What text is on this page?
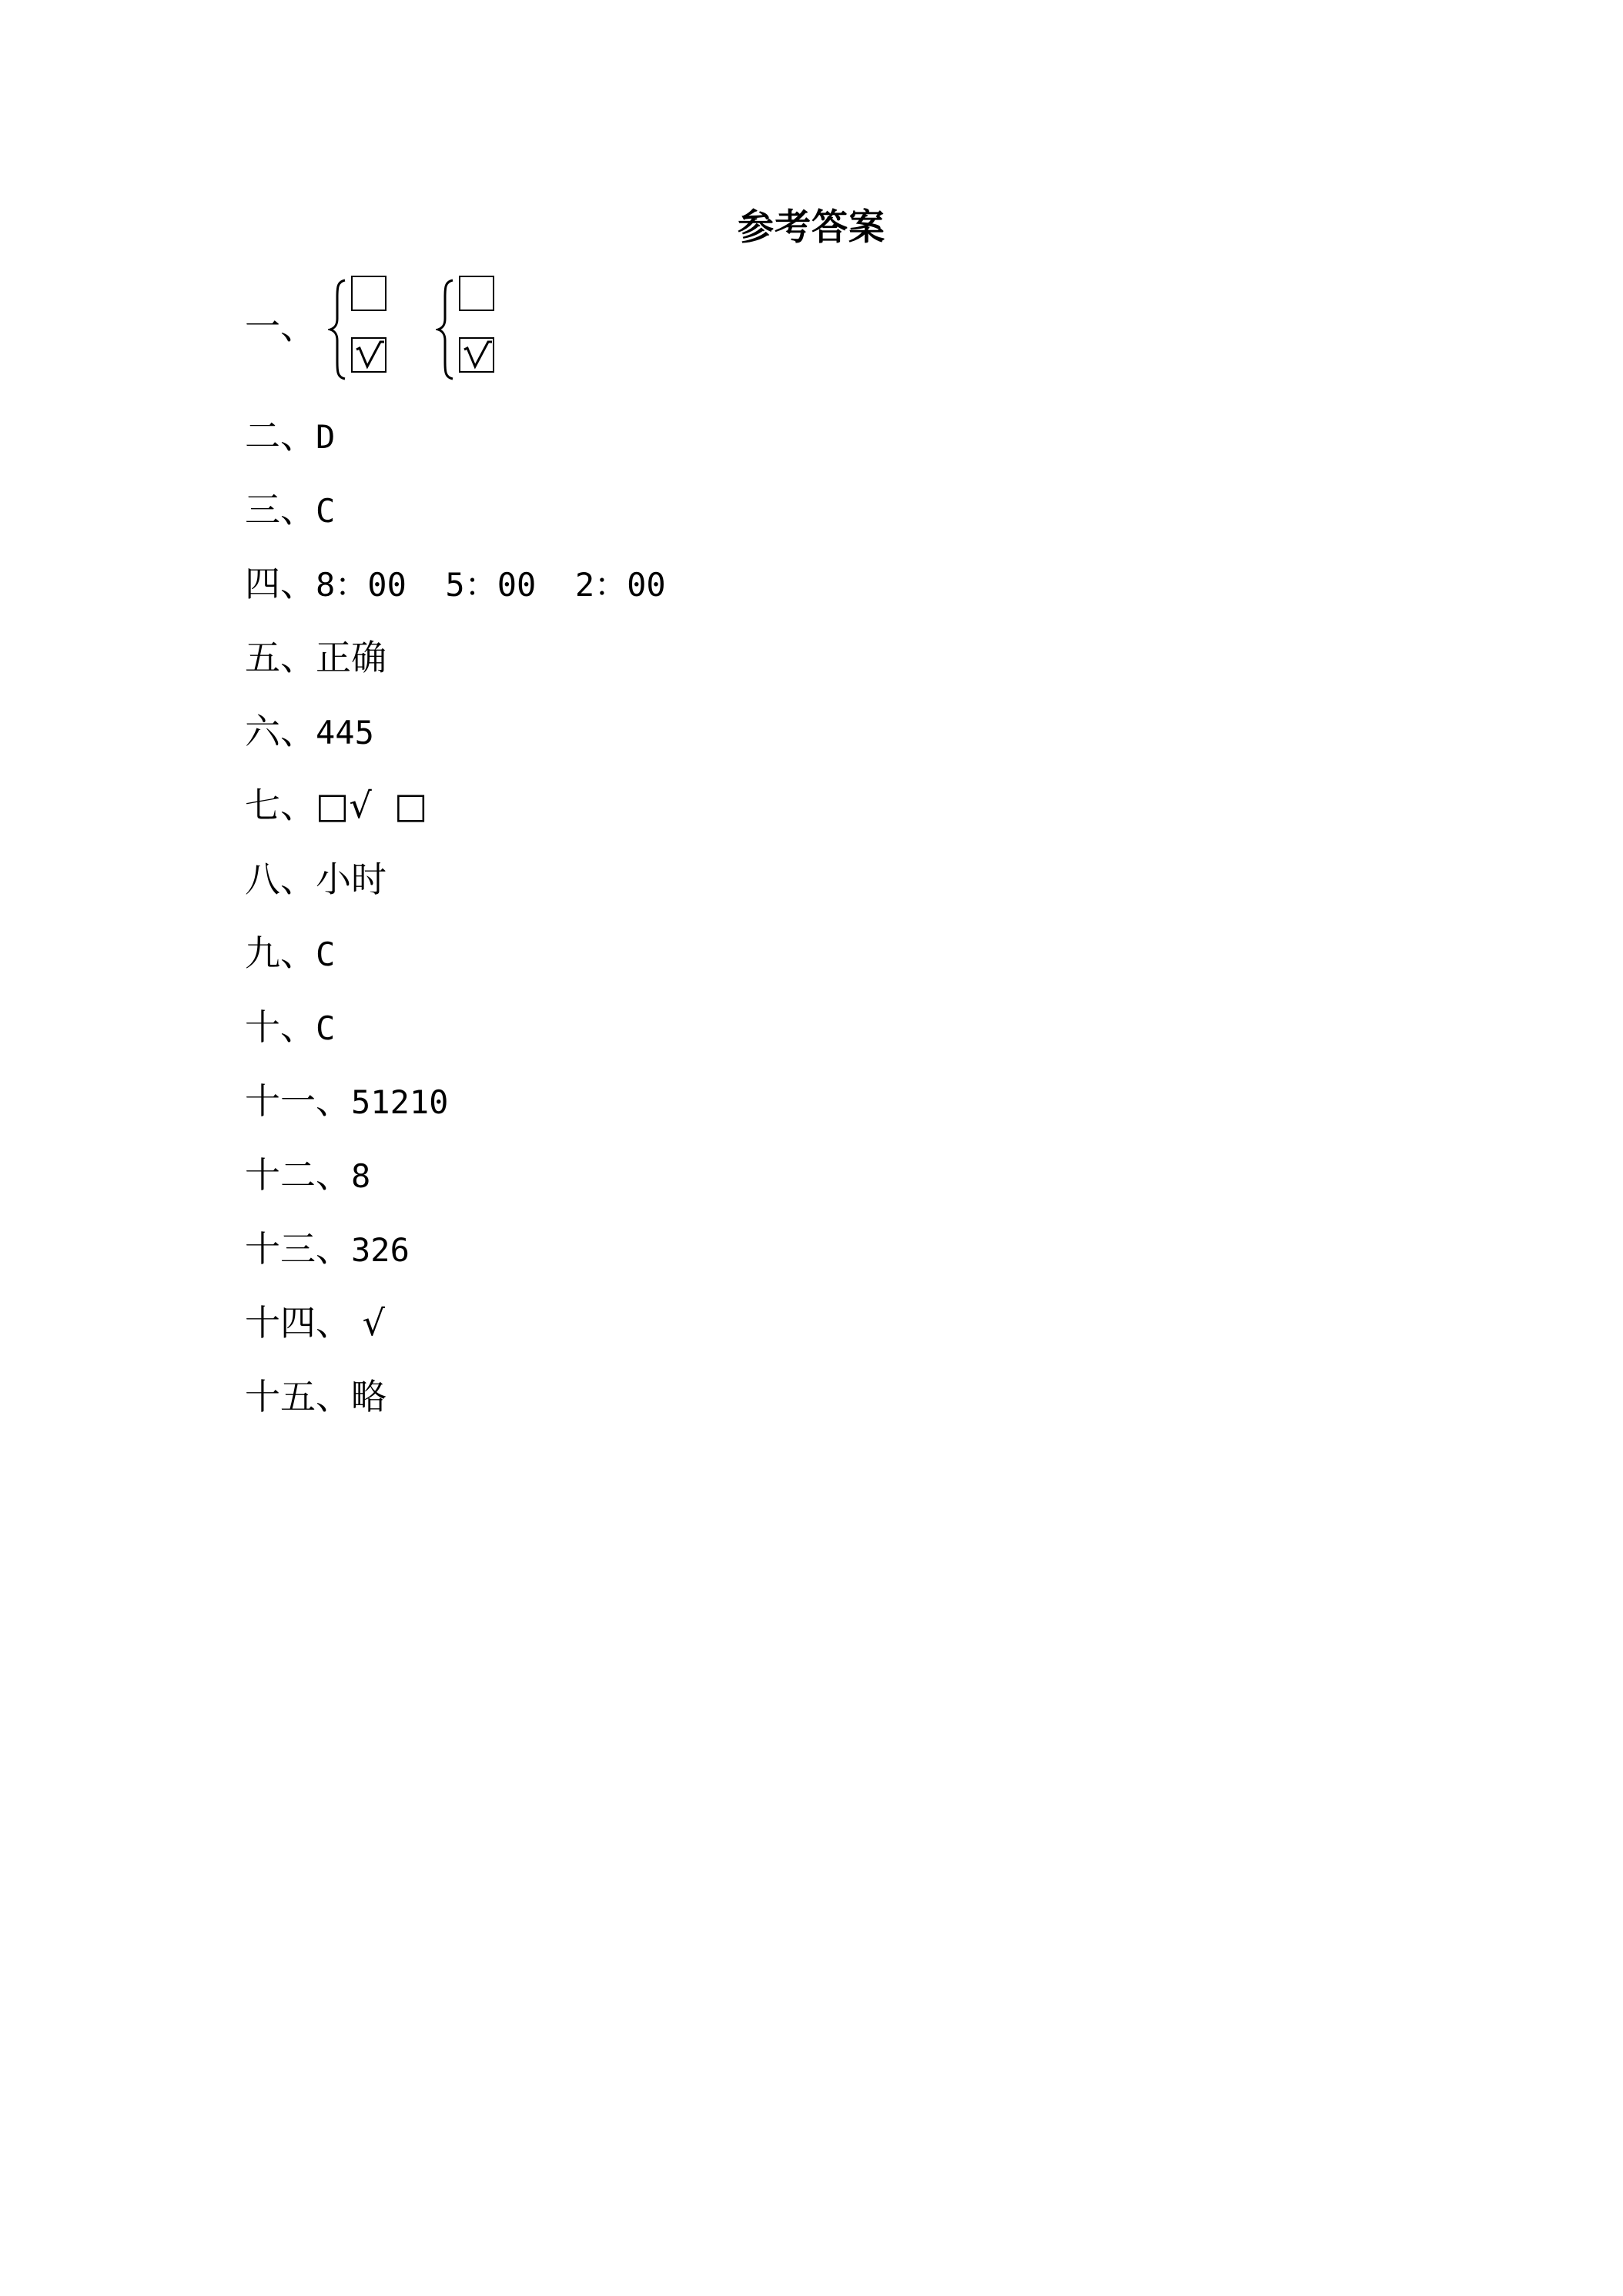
参考答案
一、
二、D
三、C
四、8：00  5：00  2：00
五、正确
六、445
七、□√  □
八、小时
九、C
十、C
十一、51210
十二、8
十三、326
十四、 √
十五、略
